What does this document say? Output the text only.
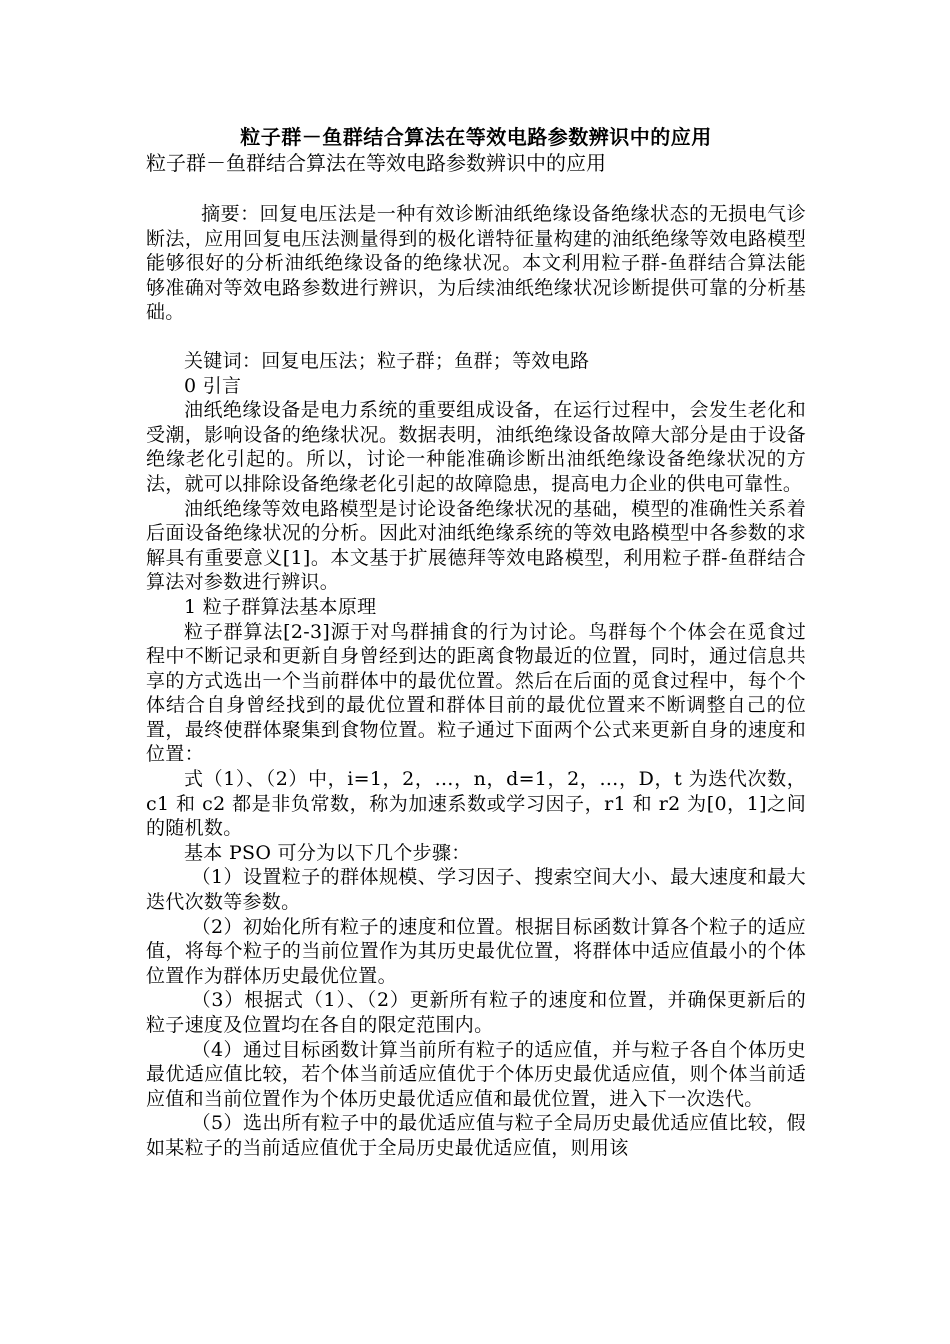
粒子群－鱼群结合算法在等效电路参数辨识中的应用

粒子群－鱼群结合算法在等效电路参数辨识中的应用

摘要：回复电压法是一种有效诊断油纸绝缘设备绝缘状态的无损电气诊断法，应用回复电压法测量得到的极化谱特征量构建的油纸绝缘等效电路模型能够很好的分析油纸绝缘设备的绝缘状况。本文利用粒子群-鱼群结合算法能够准确对等效电路参数进行辨识，为后续油纸绝缘状况诊断提供可靠的分析基础。

关键词：回复电压法；粒子群；鱼群；等效电路

0 引言

油纸绝缘设备是电力系统的重要组成设备，在运行过程中，会发生老化和受潮，影响设备的绝缘状况。数据表明，油纸绝缘设备故障大部分是由于设备绝缘老化引起的。所以，讨论一种能准确诊断出油纸绝缘设备绝缘状况的方法，就可以排除设备绝缘老化引起的故障隐患，提高电力企业的供电可靠性。

油纸绝缘等效电路模型是讨论设备绝缘状况的基础，模型的准确性关系着后面设备绝缘状况的分析。因此对油纸绝缘系统的等效电路模型中各参数的求解具有重要意义[1]。本文基于扩展德拜等效电路模型，利用粒子群-鱼群结合算法对参数进行辨识。

1 粒子群算法基本原理

粒子群算法[2-3]源于对鸟群捕食的行为讨论。鸟群每个个体会在觅食过程中不断记录和更新自身曾经到达的距离食物最近的位置，同时，通过信息共享的方式选出一个当前群体中的最优位置。然后在后面的觅食过程中，每个个体结合自身曾经找到的最优位置和群体目前的最优位置来不断调整自己的位置，最终使群体聚集到食物位置。粒子通过下面两个公式来更新自身的速度和位置：

式（1）、（2）中，i=1，2，…，n，d=1，2，…，D，t 为迭代次数，c1 和 c2 都是非负常数，称为加速系数或学习因子，r1 和 r2 为[0，1]之间的随机数。

基本 PSO 可分为以下几个步骤：

（1）设置粒子的群体规模、学习因子、搜索空间大小、最大速度和最大迭代次数等参数。

（2）初始化所有粒子的速度和位置。根据目标函数计算各个粒子的适应值，将每个粒子的当前位置作为其历史最优位置，将群体中适应值最小的个体位置作为群体历史最优位置。

（3）根据式（1）、（2）更新所有粒子的速度和位置，并确保更新后的粒子速度及位置均在各自的限定范围内。

（4）通过目标函数计算当前所有粒子的适应值，并与粒子各自个体历史最优适应值比较，若个体当前适应值优于个体历史最优适应值，则个体当前适应值和当前位置作为个体历史最优适应值和最优位置，进入下一次迭代。

（5）选出所有粒子中的最优适应值与粒子全局历史最优适应值比较，假如某粒子的当前适应值优于全局历史最优适应值，则用该
